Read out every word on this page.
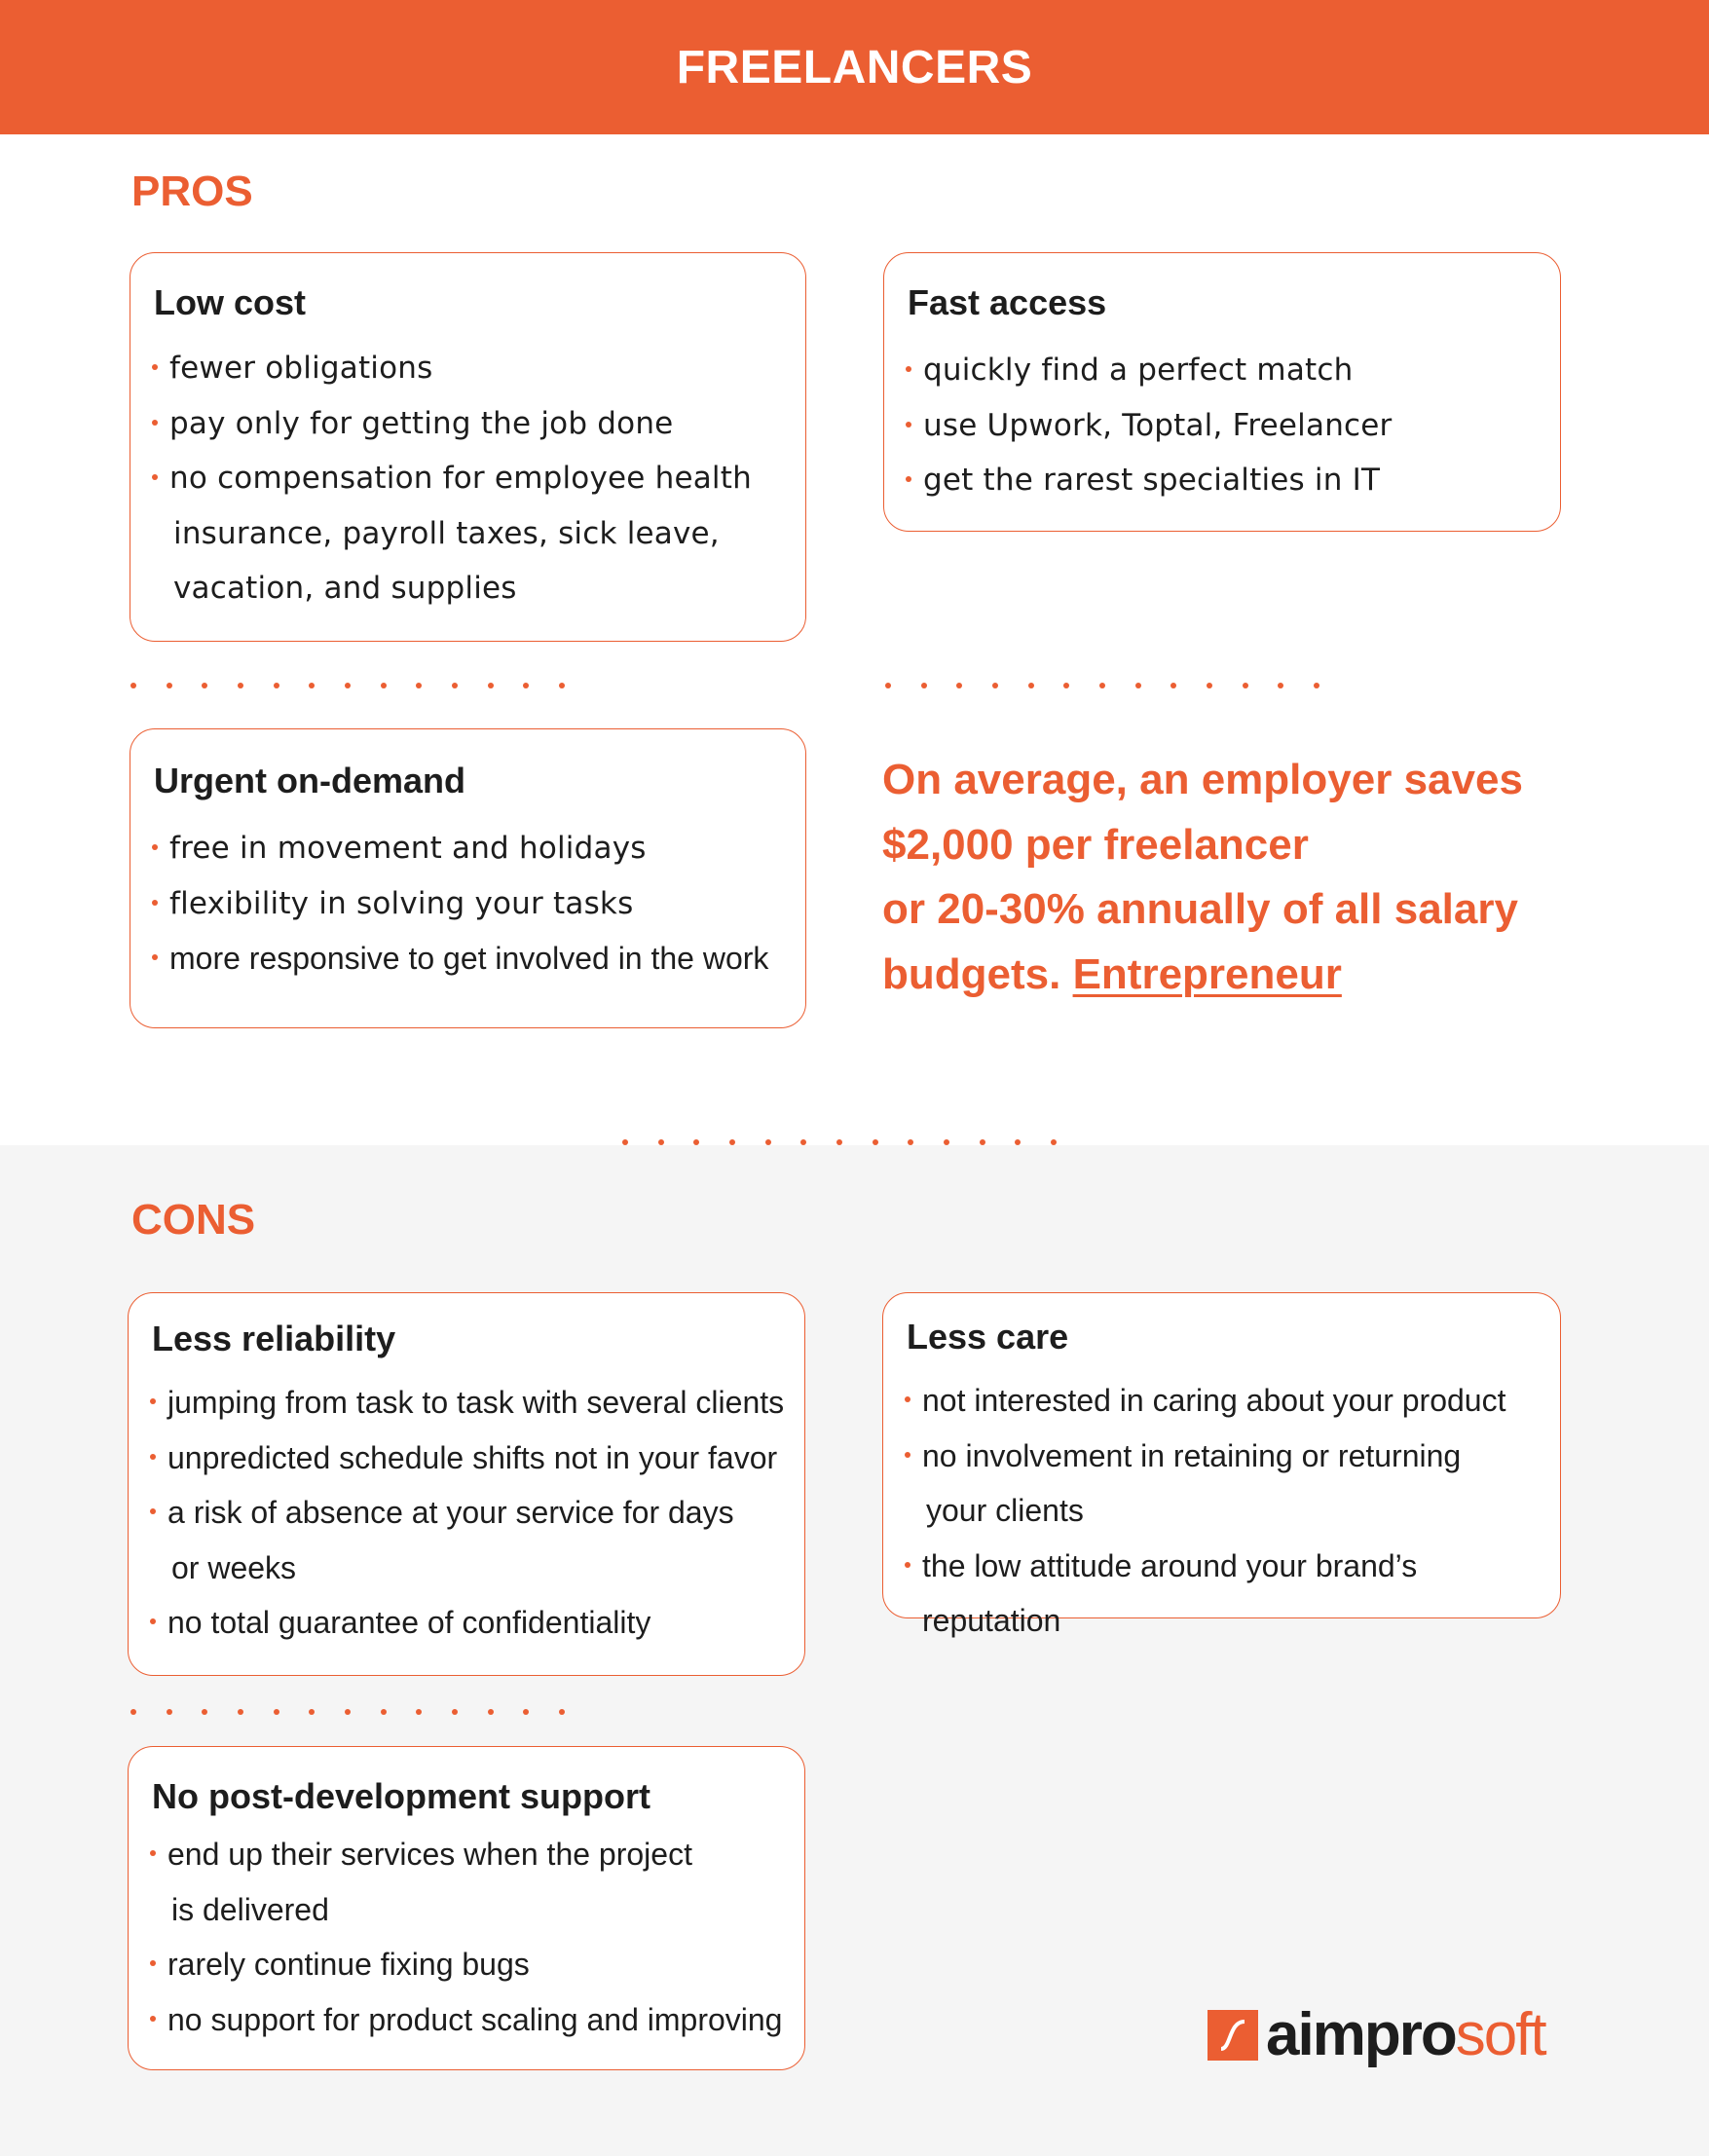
FREELANCERS
PROS
Low cost
fewer obligations
pay only for getting the job done
no compensation for employee health
insurance, payroll taxes, sick leave,
vacation, and supplies
Fast access
quickly find a perfect match
use Upwork, Toptal, Freelancer
get the rarest specialties in IT
Urgent on-demand
free in movement and holidays
flexibility in solving your tasks
more responsive to get involved in the work
On average, an employer saves
$2,000 per freelancer
or 20-30% annually of all salary
budgets. Entrepreneur
CONS
Less reliability
jumping from task to task with several clients
unpredicted schedule shifts not in your favor
a risk of absence at your service for days
or weeks
no total guarantee of confidentiality
Less care
not interested in caring about your product
no involvement in retaining or returning
your clients
the low attitude around your brand’s reputation
No post-development support
end up their services when the project
is delivered
rarely continue fixing bugs
no support for product scaling and improving	aimprosoft
